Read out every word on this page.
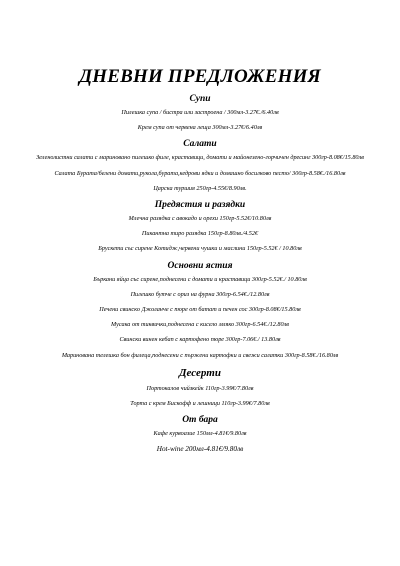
ДНЕВНИ ПРЕДЛОЖЕНИЯ
Супи
Пилешка супа / бистра или застроена / 300мл-3.27€./6.40лв
Крем супа от червена леща 300мл-3.27€/6.40лв
Салати
Зеленолистни салати с мариновано пилешко филе, краставици, домати и майонезено-горчичен дресинг 300гр-8.08€/15.80лв
Салата Бурата/белени домати,рукола,бурата,кедрови ядки и домашно босилково песто/ 300гр-8.58€./16.80лв
Царска туршия 250гр-4.55€/8.90лв.
Предястия и разядки
Млечна разядка с авокадо и орехи 150гр-5.52€/10.80лв
Пикантна тиро разядка 150гр-8.80лв./4.52€
Брускети със сирене Котидж,червени чушки и маслини 150гр-5.52€ / 10.80лв
Основни ястия
Бъркани яйца със сирене,поднесени с домати и краставици 300гр-5.52€./ 10.80лв
Пилешко бутче с ориз на фурна 300гр-6.54€./12.80лв
Печени свинско Джоланче с пюре от батат и печен сос 300гр-8.08€/15.80лв
Мусака от тиквички,поднесена с кисело мляко 300гр-6.54€./12.80лв
Свински винен кебап с картофено пюре 300гр-7.06€./ 13.80лв
Маринована телешка бон филеца,поднесени с пържени картофки и свежи салатки 300гр-8.58€./16.80лв
Десерти
Портокалов чийзкейк 110гр-3.99€/7.80лв
Торта с крем Бискофф и лешници 110гр-3.99€/7.80лв
От бара
Кафе курвоазие 150мл-4.81€/9.80лв
Hot-wine 200мл-4.81€/9.80лв
